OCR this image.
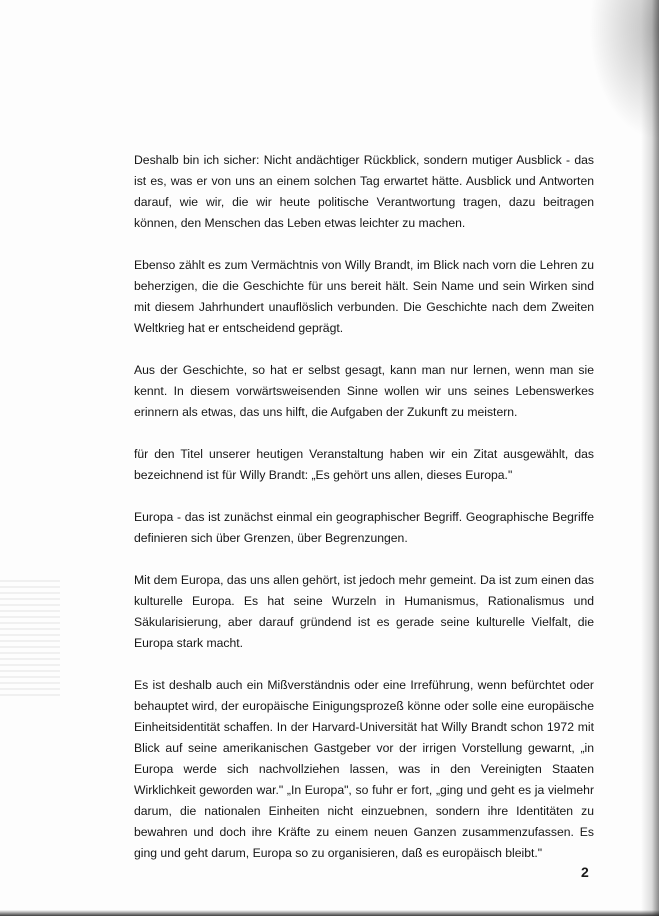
Deshalb bin ich sicher: Nicht andächtiger Rückblick, sondern mutiger Ausblick - das ist es, was er von uns an einem solchen Tag erwartet hätte. Ausblick und Antworten darauf, wie wir, die wir heute politische Verantwortung tragen, dazu beitragen können, den Menschen das Leben etwas leichter zu machen.

Ebenso zählt es zum Vermächtnis von Willy Brandt, im Blick nach vorn die Lehren zu beherzigen, die die Geschichte für uns bereit hält. Sein Name und sein Wirken sind mit diesem Jahrhundert unauflöslich verbunden. Die Geschichte nach dem Zweiten Weltkrieg hat er entscheidend geprägt.

Aus der Geschichte, so hat er selbst gesagt, kann man nur lernen, wenn man sie kennt. In diesem vorwärtsweisenden Sinne wollen wir uns seines Lebenswerkes erinnern als etwas, das uns hilft, die Aufgaben der Zukunft zu meistern.

für den Titel unserer heutigen Veranstaltung haben wir ein Zitat ausgewählt, das bezeichnend ist für Willy Brandt: „Es gehört uns allen, dieses Europa."

Europa - das ist zunächst einmal ein geographischer Begriff. Geographische Begriffe definieren sich über Grenzen, über Begrenzungen.

Mit dem Europa, das uns allen gehört, ist jedoch mehr gemeint. Da ist zum einen das kulturelle Europa. Es hat seine Wurzeln in Humanismus, Rationalismus und Säkularisierung, aber darauf gründend ist es gerade seine kulturelle Vielfalt, die Europa stark macht.

Es ist deshalb auch ein Mißverständnis oder eine Irreführung, wenn befürchtet oder behauptet wird, der europäische Einigungsprozeß könne oder solle eine europäische Einheitsidentität schaffen. In der Harvard-Universität hat Willy Brandt schon 1972 mit Blick auf seine amerikanischen Gastgeber vor der irrigen Vorstellung gewarnt, „in Europa werde sich nachvollziehen lassen, was in den Vereinigten Staaten Wirklichkeit geworden war." „In Europa", so fuhr er fort, „ging und geht es ja vielmehr darum, die nationalen Einheiten nicht einzuebnen, sondern ihre Identitäten zu bewahren und doch ihre Kräfte zu einem neuen Ganzen zusammenzufassen. Es ging und geht darum, Europa so zu organisieren, daß es europäisch bleibt."

2
